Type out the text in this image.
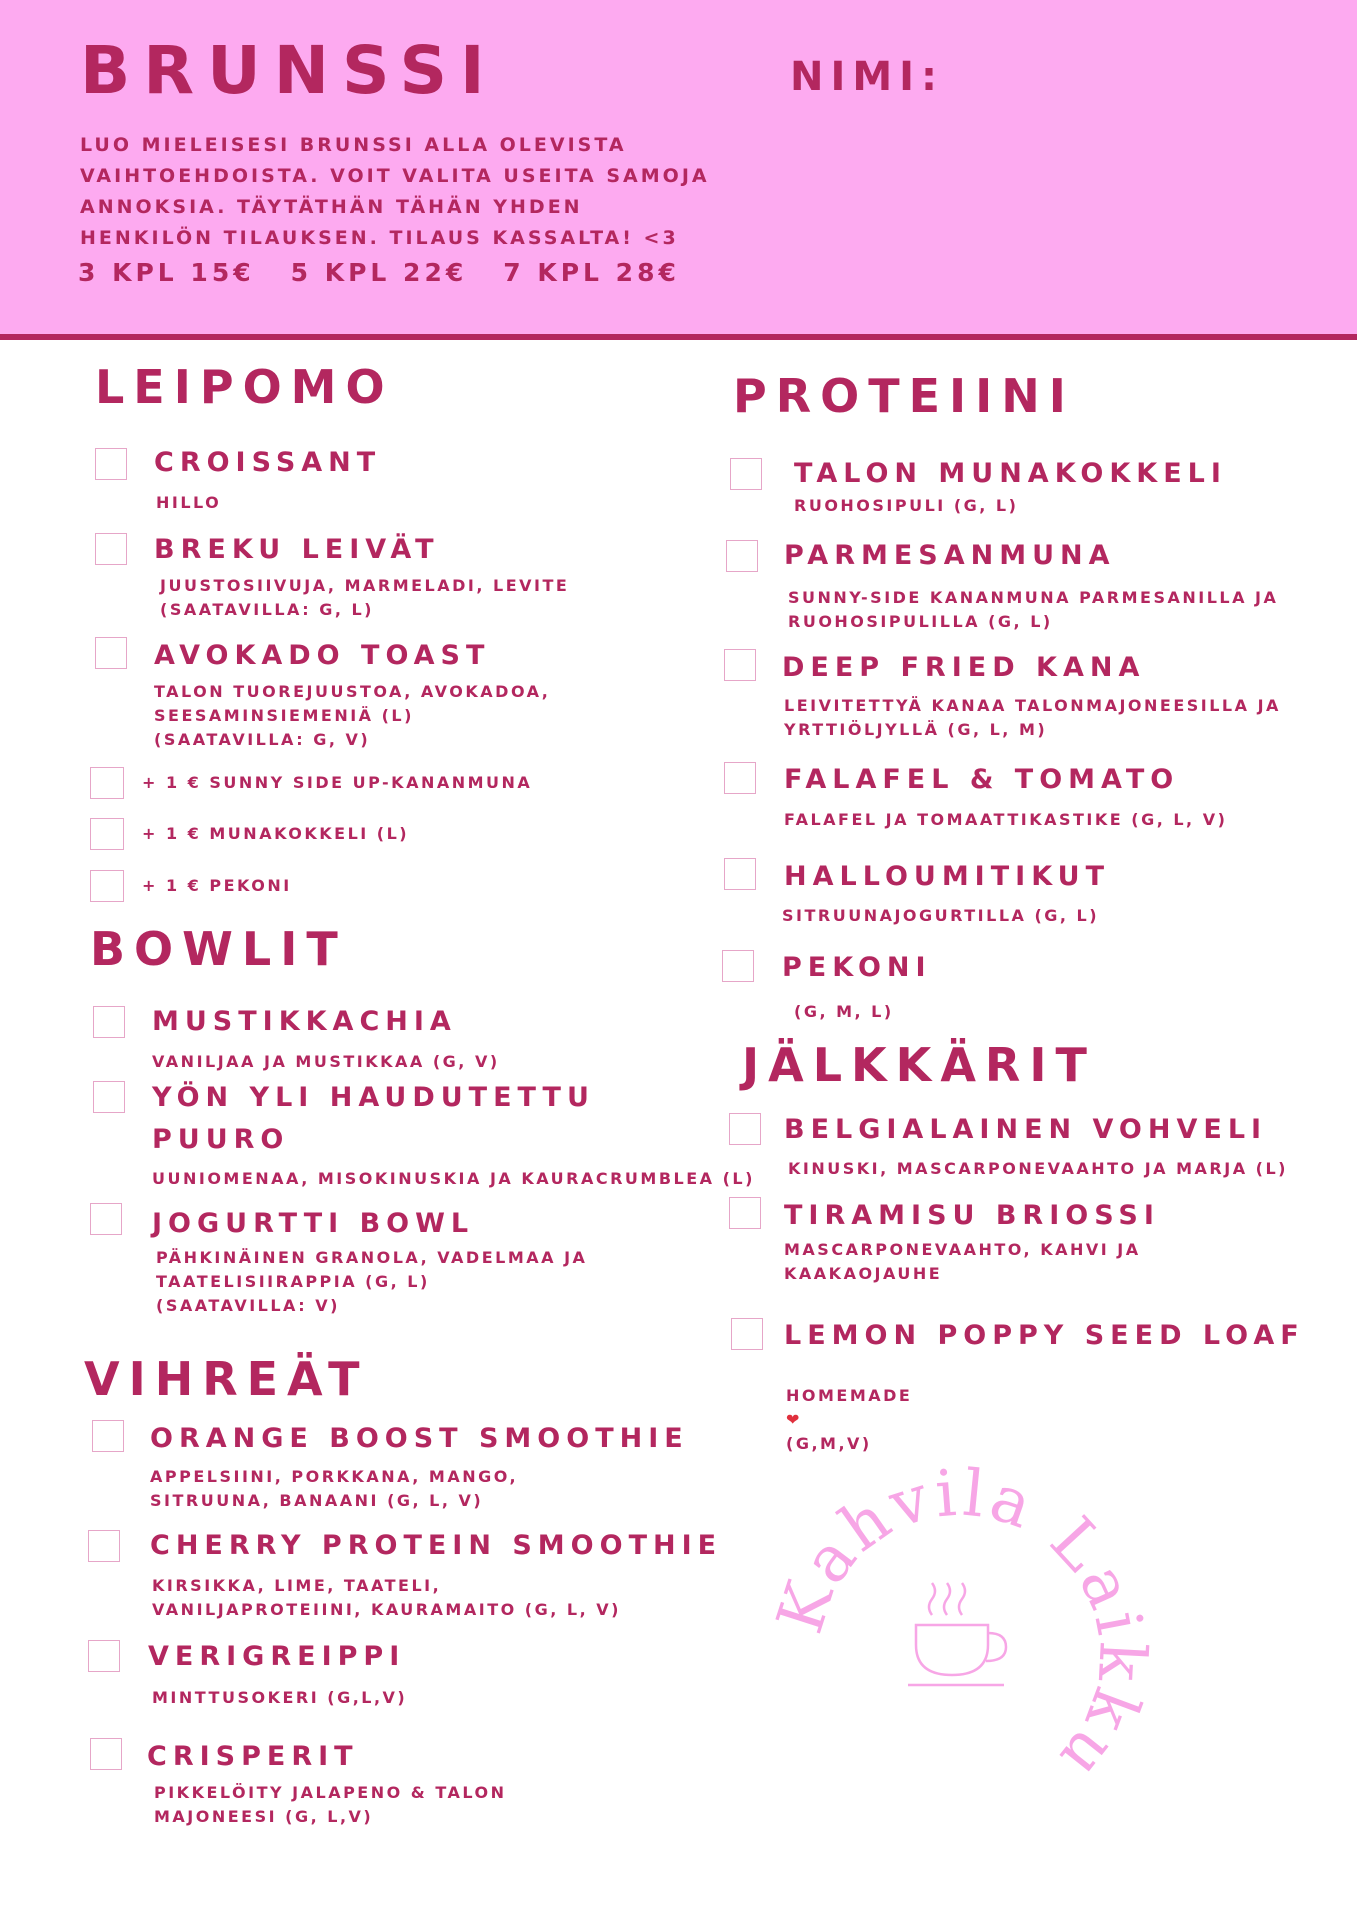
BRUNSSI	NIMI:
LUO MIELEISESI BRUNSSI ALLA OLEVISTA VAIHTOEHDOISTA. VOIT VALITA USEITA SAMOJA ANNOKSIA. TÄYTÄTHÄN TÄHÄN YHDEN HENKILÖN TILAUKSEN. TILAUS KASSALTA! <3
3 KPL 15€ 5 KPL 22€ 7 KPL 28€
LEIPOMO
CROISSANT
HILLO
BREKU LEIVÄT
JUUSTOSIIVUJA, MARMELADI, LEVITE
(SAATAVILLA: G, L)
AVOKADO TOAST
TALON TUOREJUUSTOA, AVOKADOA,
SEESAMINSIEMENIÄ (L)
(SAATAVILLA: G, V)
+ 1 € SUNNY SIDE UP-KANANMUNA
+ 1 € MUNAKOKKELI (L)
+ 1 € PEKONI
BOWLIT
MUSTIKKACHIA
VANILJAA JA MUSTIKKAA (G, V)
YÖN YLI HAUDUTETTU
PUURO
UUNIOMENAA, MISOKINUSKIA JA KAURACRUMBLEA (L)
JOGURTTI BOWL
PÄHKINÄINEN GRANOLA, VADELMAA JA
TAATELISIIRAPPIA (G, L)
(SAATAVILLA: V)
VIHREÄT
ORANGE BOOST SMOOTHIE
APPELSIINI, PORKKANA, MANGO,
SITRUUNA, BANAANI (G, L, V)
CHERRY PROTEIN SMOOTHIE
KIRSIKKA, LIME, TAATELI,
VANILJAPROTEIINI, KAURAMAITO (G, L, V)
VERIGREIPPI
MINTTUSOKERI (G,L,V)
CRISPERIT
PIKKELÖITY JALAPENO & TALON
MAJONEESI (G, L,V)
PROTEIINI
TALON MUNAKOKKELI
RUOHOSIPULI (G, L)
PARMESANMUNA
SUNNY-SIDE KANANMUNA PARMESANILLA JA
RUOHOSIPULILLA (G, L)
DEEP FRIED KANA
LEIVITETTYÄ KANAA TALONMAJONEESILLA JA
YRTTIÖLJYLLÄ (G, L, M)
FALAFEL & TOMATO
FALAFEL JA TOMAATTIKASTIKE (G, L, V)
HALLOUMITIKUT
SITRUUNAJOGURTILLA (G, L)
PEKONI
(G, M, L)
JÄLKKÄRIT
BELGIALAINEN VOHVELI
KINUSKI, MASCARPONEVAAHTO JA MARJA (L)
TIRAMISU BRIOSSI
MASCARPONEVAAHTO, KAHVI JA
KAAKAOJAUHE
LEMON POPPY SEED LOAF

HOMEMADE
❤
(G,M,V)

Kahvila Laikku
